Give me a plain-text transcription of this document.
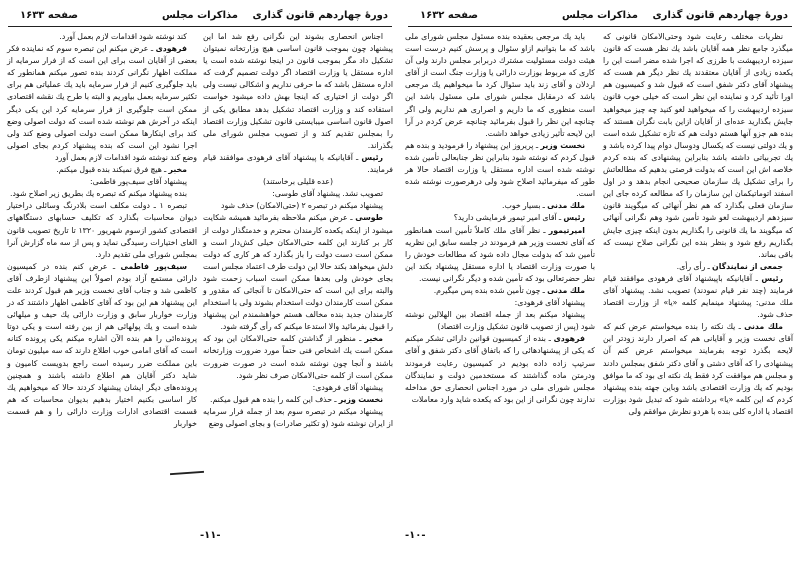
دورهٔ چهاردهم قانون گذاری
مذاکرات مجلس
صفحه ۱۶۳۳

اجناس انحصاری بشوند این نگرانی رفع شد اما این پیشنهاد چون بموجب قانون اساسی هیچ وزارتخانه نمیتوان تشکیل داد مگر بموجب قانون در اینجا نوشته شده است یا اداره مستقل یا وزارت اقتصاد اگر دولت تصمیم گرفت که اداره مستقل باشد که ما حرفی نداریم و اشکالی نیست ولی اگر دولت از اختیاری که اینجا بهش داده میشود خواست استفاده کند و وزارت اقتصاد تشکیل بدهد مطابق یکی از اصول قانون اساسی میبایستی قانون تشکیل وزارت اقتصاد را بمجلس تقدیم کند و از تصویب مجلس شورای ملی بگذراند.

رئیس ـ آقایانیکه با پیشنهاد آقای فرهودی موافقند قیام فرمایند.

(عده قلیلی برخاستند)

تصویب نشد. پیشنهاد آقای طوسی:

پیشنهاد میکنم در تبصره ۲ (حتی‌الامکان) حذف شود

طوسی ـ عرض میکنم ملاحظه بفرمائید همیشه شکایت میشود از اینکه یکعده کارمندان محترم و خدمتگذار دولت از کار بر کنارند این کلمه حتی‌الامکان خیلی کش‌دار است و ممکن است دست دولت را باز بگذارد که هر کاری که دولت دلش میخواهد بکند حالا این دولت طرف اعتماد مجلس است بجای خودش ولی بعدها ممکن است اسباب زحمت شود والبته برای این است که حتی‌الامکان تا آنجائی که مقدور و ممکن است کارمندان دولت استخدام بشوند ولی با استخدام کارمندان جدید بنده مخالف هستم خواهشمندم این پیشنهاد را قبول بفرمائید والا استدعا میکنم که رأی گرفته شود.

مخبر ـ منظور از گذاشتن کلمه حتی‌الامکان این بود که ممکن است یك اشخاص فنی حتماً مورد ضرورت وزارتخانه باشند و آنجا چون نوشته شده است در صورت ضرورت ممکن است از کلمه حتی‌الامکان صرف نظر شود.

پیشنهاد آقای فرهودی:

نخست وزیر ـ حذف این کلمه را بنده هم قبول میکنم.

پیشنهاد میکنم در تبصره سوم بعد از جمله فرار سرمایه از ایران نوشته شود (و تکثیر صادرات) و بجای اصولی وضع

کند نوشته شود اقدامات لازم بعمل آورد.

فرهودی ـ عرض میکنم این تبصره سوم که نماینده فکر بعضی از آقایان است برای این است که از فرار سرمایه از مملکت اظهار نگرانی کردند بنده تصور میکنم همانطور که باید جلوگیری کنیم از فرار سرمایه باید یك عملیاتی هم برای تکثیر سرمایه بعمل بیاوریم و البته با طرح یك نقشه اقتصادی ممکن است جلوگیری از فرار سرمایه کرد این یکی دیگر اینکه در آخرش هم نوشته شده است که دولت اصولی وضع کند برای اینکارها ممکن است دولت اصولی وضع کند ولی اجرا نشود این است که بنده پیشنهاد کردم بجای اصولی وضع کند نوشته شود اقدامات لازم بعمل آورد

مخبر ـ هیچ فرق نمیکند بنده قبول میکنم.

پیشنهاد آقای سیف‌پور فاطمی:

بنده پیشنهاد میکنم که تبصره یك بطریق زیر اصلاح شود.

تبصره ۱ ـ دولت مکلف است بلادرنگ وسائلی دراختیار دیوان محاسبات بگذارد که تکلیف حسابهای دستگاههای اقتصادی کشور ازسوم شهریور ۱۳۲۰ تا تاریخ تصویب قانون الغای اختیارات رسیدگی نماید و پس از سه ماه گزارش آنرا بمجلس شورای ملی تقدیم دارد.

سیف‌پور فاطمی ـ عرض کنم بنده در کمیسیون دارائی مستمع آزاد بودم اصولاً این پیشنهاد ازطرف آقای کاظمی شد و جناب آقای نخست وزیر هم قبول کردند علت این پیشنهاد هم این بود که آقای کاظمی اظهار داشتند که در وزارت خواربار سابق و وزارت دارائی یك حیف و میلهائی شده است و یك پولهائی هم از بین رفته است و یکی دوتا پرونده‌ائی را هم بنده الآن اشاره میکنم یکی پرونده کتانه است که آقای امامی خوب اطلاع دارند که سه میلیون تومان باین مملکت ضرر رسیده است راجع بدویست کامیون و شاید دکتر آقایان هم اطلاع داشته باشند و همچنین پرونده‌های دیگر ایشان پیشنهاد کردند حالا که میخواهیم یك کار اساسی بکنیم اختیار بدهیم بدیوان محاسبات که هم قسمت اقتصادی ادارات وزارت دارائی را و هم قسمت خواربار

-۱۱-
دورهٔ چهاردهم قانون گذاری
مذاکرات مجلس
صفحه ۱۶۳۲

نظریات مختلف رعایت شود وحتی‌الامکان قانونی که میگذرد جامع نظر همه آقایان باشد یك نظر هست که قانون سیزده اردیبهشت با طرزی که اجرا شده مضر است این را یکعده زیادی از آقایان معتقدند یك نظر دیگر هم هست که پیشنهاد آقای دکتر شفق است که قبول شد و کمیسیون هم اورا تأئید کرد و نماینده این نظر است که خیلی خوب قانون سیزده اردیبهشت را که میخواهید لغو کنید چه چیز میخواهید جایش بگذارید عده‌ای از آقایان ازاین بابت نگران هستند که بنده هم جزو آنها هستم دولت هم که تازه تشکیل شده است و یك دولتی نیست که یکسال ودوسال دوام پیدا کرده باشد و یك تجربیاتی داشته باشد بنابراین پیشنهادی که بنده کردم خلاصه اش این است که بدولت فرصتی بدهیم که مطالعاتش را برای تشکیل یك سازمان صحیحی انجام بدهد و در اول اسفند اتوماتیکمان این سازمان را که مطالعه کرده جای این سازمان فعلی بگذارد که هم نظر آنهائی که میگویند قانون سیزدهم اردیبهشت لغو شود تأمین شود وهم نگرانی آنهائی که میگویند ما یك قانونی را بگذاریم بدون اینکه چیزی جایش بگذاریم رفع شود و بنظر بنده این نگرانی صلاح نیست که باقی بماند.

جمعی از نمایندگان ـ رأی رأی.

رئیس ـ آقایانیکه باپیشنهاد آقای فرهودی موافقند قیام فرمایند (چند نفر قیام نمودند) تصویب نشد. پیشنهاد آقای ملك مدنی: پیشنهاد مینمایم کلمه «یا» از وزارت اقتصاد حذف شود.

ملك مدنی ـ یك نکته را بنده میخواستم عرض کنم که آقای نخست وزیر و آقایانی هم که اصرار دارند زودتر این لایحه بگذرد توجه بفرمایند میخواستم عرض کنم آن پیشنهادی را که آقای دشتی و آقای دکتر شفق بمجلس دادند و مجلس هم موافقت کرد فقط یك نکته ای بود که ما موافق بودیم که یك وزارت اقتصادی باشد وباین جهته بنده پیشنهاد کردم که این کلمه «یا» برداشته شود که تبدیل شود بوزارت اقتصاد یا اداره کلی بنده با هردو نظرش موافقم ولی

باید یك مرجعی بعقیده بنده مسئول مجلس شورای ملی باشد که ما بتوانیم ازاو سئوال و پرسش کنیم درست است هیئت دولت مسئولیت مشترك دربرابر مجلس دارند ولی آن کاری که مربوط بوزارت دارائی یا وزارت جنگ است از آقای اردلان و آقای زند باید سئوال کرد ما میخواهیم یك مرجعی باشد که درمقابل مجلس شورای ملی مسئول باشد این است منظوری که ما داریم و اصراری هم نداریم ولی اگر چنانچه این نظر را قبول بفرمائید چنانچه عرض کردم در آرا این لایحه تأثیر زیادی خواهد داشت.

نخست وزیر ـ پریروز این پیشنهاد را فرمودید و بنده هم قبول کردم که نوشته شود بنابراین نظر جنابعالی تأمین شده نوشته شده است اداره مستقل یا وزارت اقتصاد حالا هر طور که میفرمائید اصلاح شود ولی درهرصورت نوشته شده است.

ملك مدنی ـ بسیار خوب.

رئیس ـ آقای امیر تیمور فرمایشی دارید؟

امیرتیمور ـ نظر آقای ملك کاملاً تأمین است همانطور که آقای نخست وزیر هم فرمودند در جلسه سابق این نظریه تأمین شد که بدولت مجال داده شود که مطالعات خودش را با صورت وزارت اقتصاد یا اداره مستقل پیشنهاد بکند این نظر حضرتعالی بود که تأمین شده و دیگر نگرانی نیست.

ملك مدنی ـ چون تأمین شده بنده پس میگیرم.

پیشنهاد آقای فرهودی:

پیشنهاد میکنم بعد از جمله اقتصاد بین الهلالین نوشته شود (پس از تصویب قانون تشکیل وزارت اقتصاد)

فرهودی ـ بنده از کمیسیون قوانین دارائی تشکر میکنم که یکی از پیشنهادهائی را که باتفاق آقای دکتر شفق و آقای سرتیپ زاده داده بودیم در کمیسیون رعایت فرمودند ودرمتن ماده گذاشتند که مستخدمین دولت و نمایندگان مجلس شورای ملی در مورد اجناس انحصاری حق مداخله ندارند چون نگرانی از این بود که یکعده شاید وارد معاملات

-۱۰-
